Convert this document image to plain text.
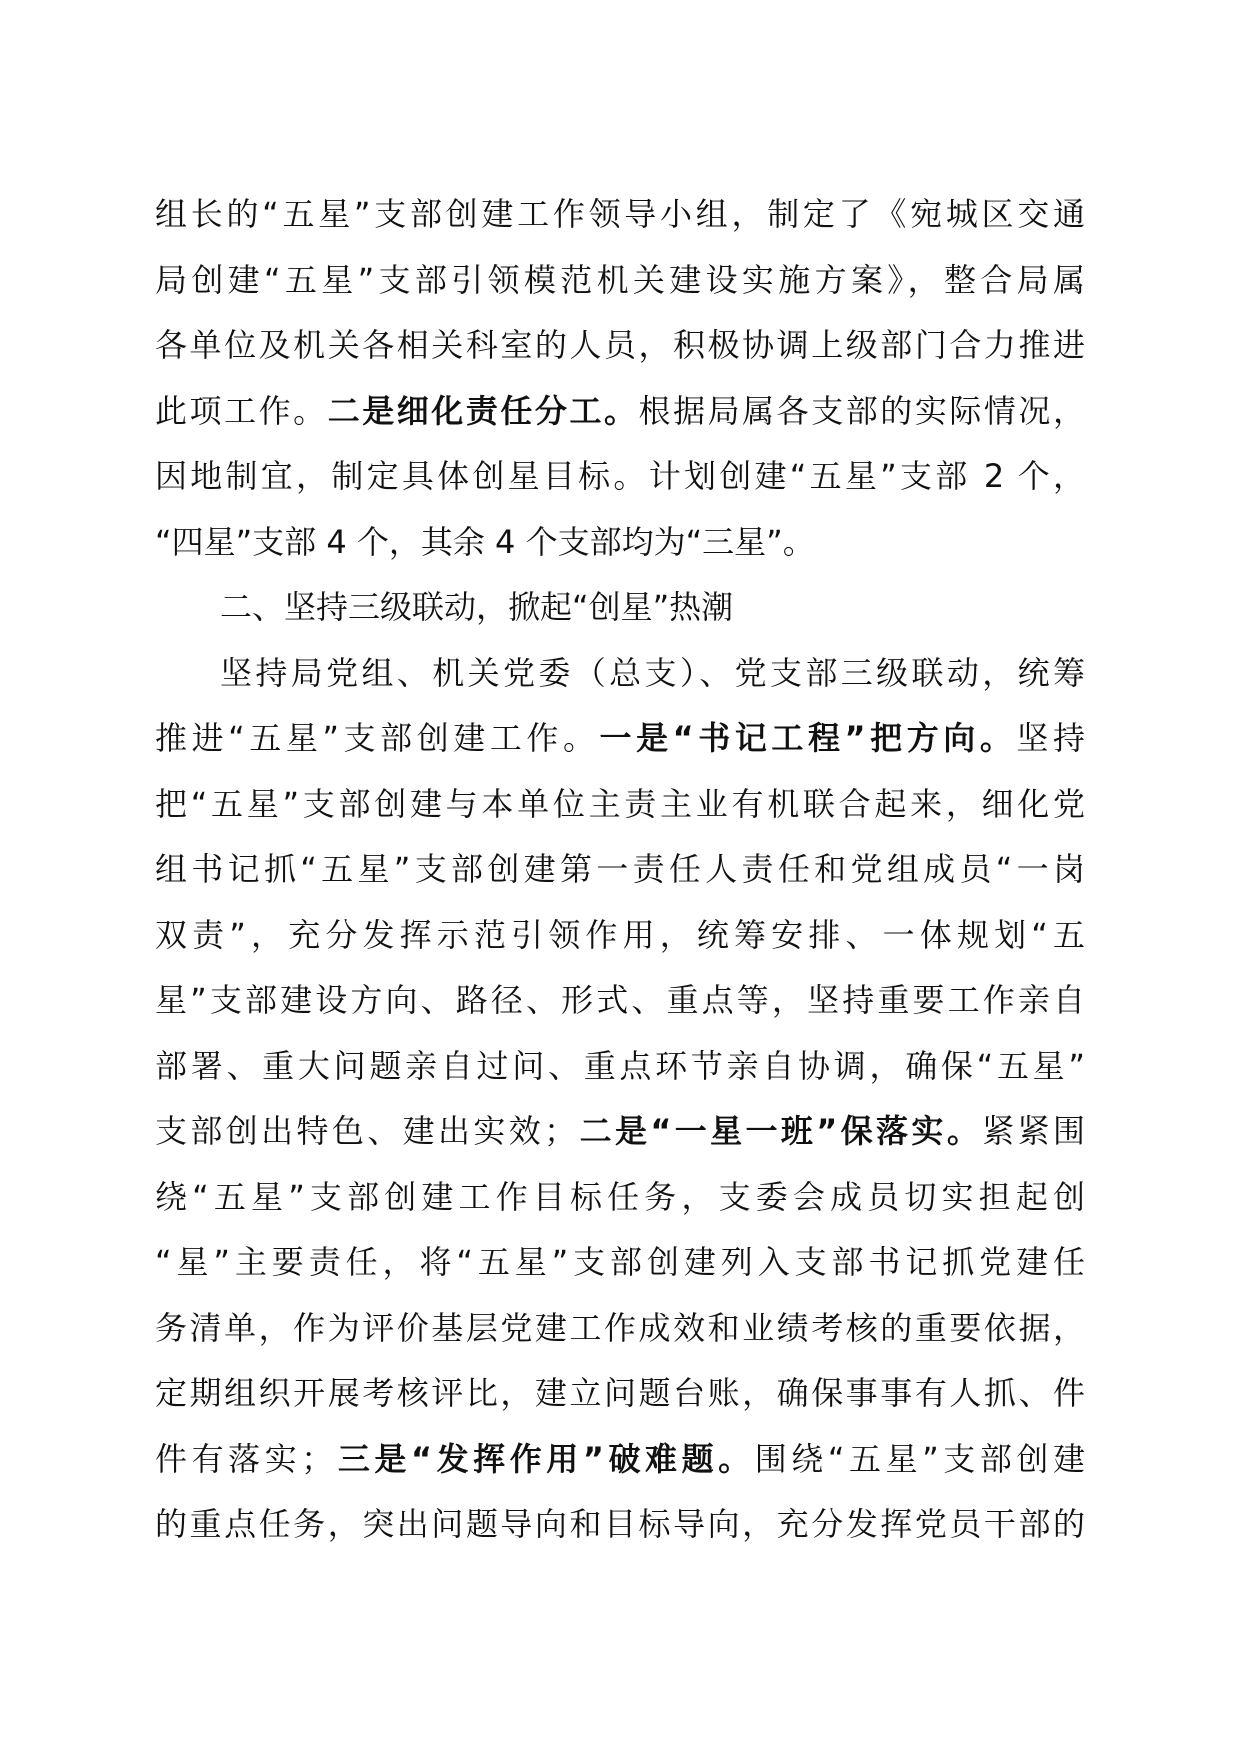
组长的“五星”支部创建工作领导小组，制定了《宛城区交通
局创建“五星”支部引领模范机关建设实施方案》，整合局属
各单位及机关各相关科室的人员，积极协调上级部门合力推进
此项工作。二是细化责任分工。根据局属各支部的实际情况，
因地制宜，制定具体创星目标。计划创建“五星”支部 2 个，
“四星”支部 4 个，其余 4 个支部均为“三星”。
二、坚持三级联动，掀起“创星”热潮
坚持局党组、机关党委（总支）、党支部三级联动，统筹
推进“五星”支部创建工作。一是“书记工程”把方向。坚持
把“五星”支部创建与本单位主责主业有机联合起来，细化党
组书记抓“五星”支部创建第一责任人责任和党组成员“一岗
双责”，充分发挥示范引领作用，统筹安排、一体规划“五
星”支部建设方向、路径、形式、重点等，坚持重要工作亲自
部署、重大问题亲自过问、重点环节亲自协调，确保“五星”
支部创出特色、建出实效；二是“一星一班”保落实。紧紧围
绕“五星”支部创建工作目标任务，支委会成员切实担起创
“星”主要责任，将“五星”支部创建列入支部书记抓党建任
务清单，作为评价基层党建工作成效和业绩考核的重要依据，
定期组织开展考核评比，建立问题台账，确保事事有人抓、件
件有落实；三是“发挥作用”破难题。围绕“五星”支部创建
的重点任务，突出问题导向和目标导向，充分发挥党员干部的
